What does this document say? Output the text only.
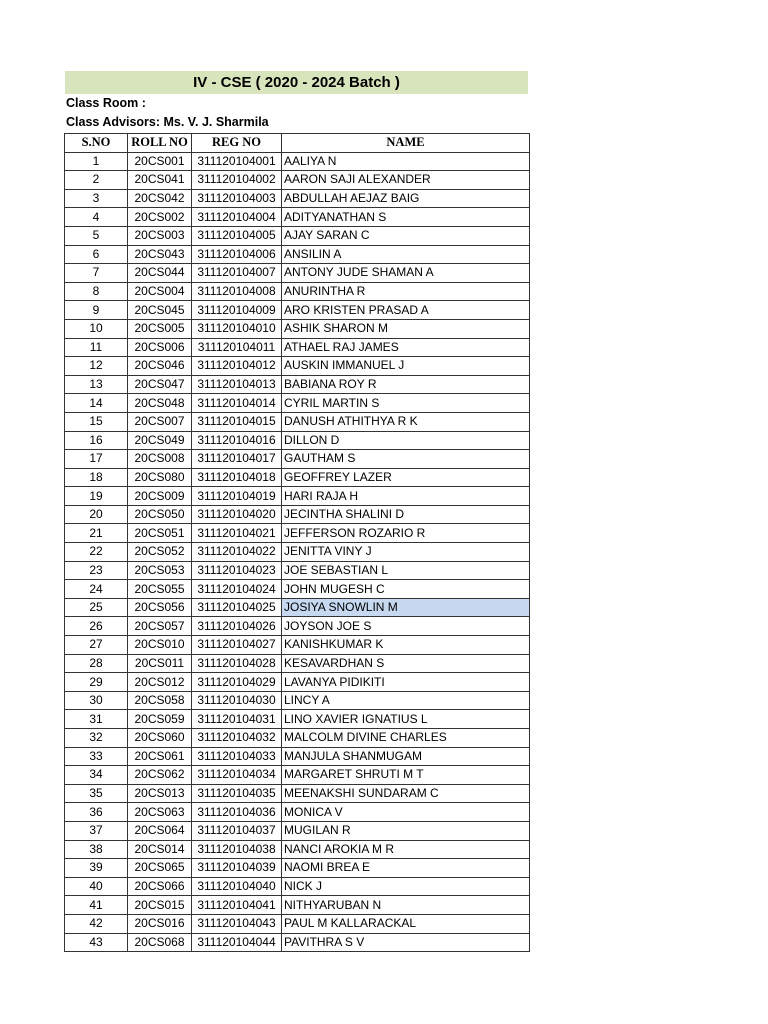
IV - CSE ( 2020 - 2024 Batch )
Class Room :
Class Advisors: Ms. V. J. Sharmila
S.NO	ROLL NO	REG NO	NAME
1	20CS001	311120104001	AALIYA N
2	20CS041	311120104002	AARON SAJI ALEXANDER
3	20CS042	311120104003	ABDULLAH AEJAZ BAIG
4	20CS002	311120104004	ADITYANATHAN S
5	20CS003	311120104005	AJAY SARAN C
6	20CS043	311120104006	ANSILIN A
7	20CS044	311120104007	ANTONY JUDE SHAMAN A
8	20CS004	311120104008	ANURINTHA R
9	20CS045	311120104009	ARO KRISTEN PRASAD A
10	20CS005	311120104010	ASHIK SHARON M
11	20CS006	311120104011	ATHAEL RAJ JAMES
12	20CS046	311120104012	AUSKIN IMMANUEL J
13	20CS047	311120104013	BABIANA ROY R
14	20CS048	311120104014	CYRIL MARTIN S
15	20CS007	311120104015	DANUSH ATHITHYA R K
16	20CS049	311120104016	DILLON D
17	20CS008	311120104017	GAUTHAM S
18	20CS080	311120104018	GEOFFREY LAZER
19	20CS009	311120104019	HARI RAJA H
20	20CS050	311120104020	JECINTHA SHALINI D
21	20CS051	311120104021	JEFFERSON ROZARIO R
22	20CS052	311120104022	JENITTA VINY J
23	20CS053	311120104023	JOE SEBASTIAN L
24	20CS055	311120104024	JOHN MUGESH C
25	20CS056	311120104025	JOSIYA SNOWLIN M
26	20CS057	311120104026	JOYSON JOE S
27	20CS010	311120104027	KANISHKUMAR K
28	20CS011	311120104028	KESAVARDHAN S
29	20CS012	311120104029	LAVANYA PIDIKITI
30	20CS058	311120104030	LINCY A
31	20CS059	311120104031	LINO XAVIER IGNATIUS L
32	20CS060	311120104032	MALCOLM DIVINE CHARLES
33	20CS061	311120104033	MANJULA SHANMUGAM
34	20CS062	311120104034	MARGARET SHRUTI M T
35	20CS013	311120104035	MEENAKSHI SUNDARAM C
36	20CS063	311120104036	MONICA V
37	20CS064	311120104037	MUGILAN R
38	20CS014	311120104038	NANCI AROKIA M R
39	20CS065	311120104039	NAOMI BREA E
40	20CS066	311120104040	NICK J
41	20CS015	311120104041	NITHYARUBAN N
42	20CS016	311120104043	PAUL M KALLARACKAL
43	20CS068	311120104044	PAVITHRA S V
